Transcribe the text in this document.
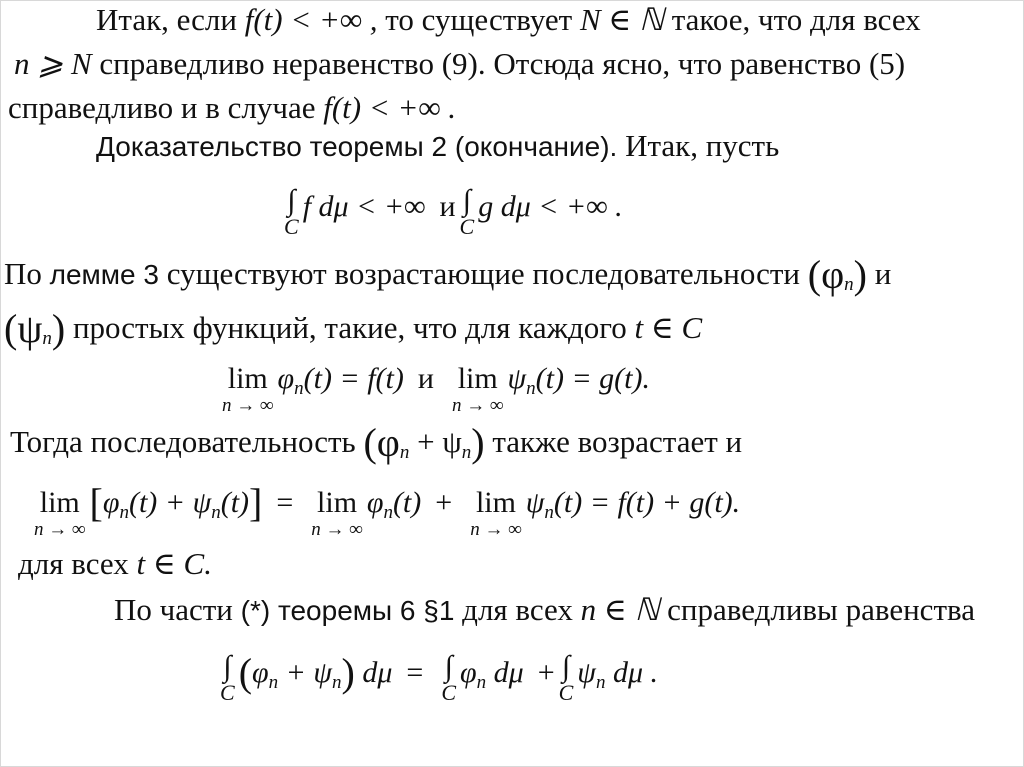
Итак, если f(t) < +∞ , то существует N ∈ ℕ такое, что для всех
n ⩾ N справедливо неравенство (9). Отсюда ясно, что равенство (5)
справедливо и в случае f(t) < +∞ .
Доказательство теоремы 2 (окончание). Итак, пусть
∫
C
f dμ < +∞ и ∫
C
g dμ < +∞ .
По лемме 3 существуют возрастающие последовательности $(\varphi_n)$ и
$(\psi_n)$ простых функций, такие, что для каждого t ∈ C
lim
n → ∞
$\varphi_n(t) = f(t)$ и lim
n → ∞
$\psi_n(t) = g(t)$.
Тогда последовательность $(\varphi_n + \psi_n)$ также возрастает и
lim
n → ∞
$[\varphi_n(t) + \psi_n(t)] = \lim$
n → ∞
$\varphi_n(t) + \lim$
n → ∞
$\psi_n(t) = f(t) + g(t)$.
для всех t ∈ C.
По части (*) теоремы 6 §1 для всех n ∈ ℕ справедливы равенства
∫
C $(\varphi_n + \psi_n) d\mu$ = ∫
C
$\varphi_n$ dμ + ∫
C
$\psi_n$ dμ .
